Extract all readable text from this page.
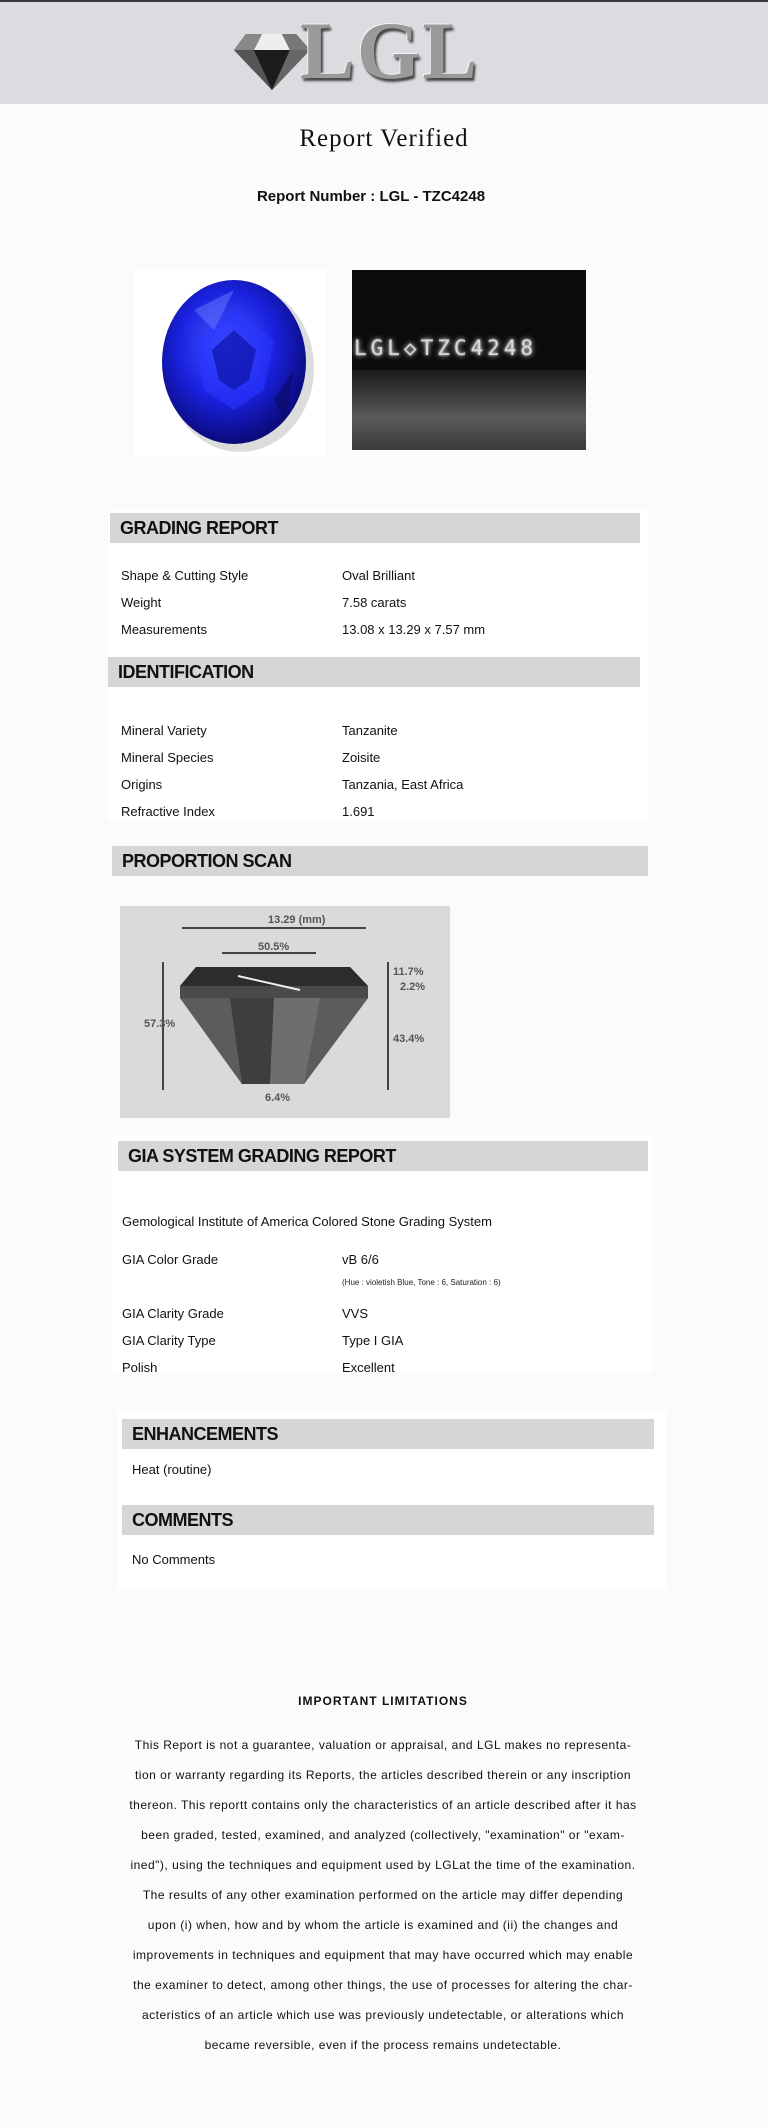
LGL
Report Verified
Report Number : LGL - TZC4248
LGL◇TZC4248
GRADING REPORT
Shape & Cutting Style	Oval Brilliant
Weight	7.58 carats
Measurements	13.08 x 13.29 x 7.57 mm
IDENTIFICATION
Mineral Variety	Tanzanite
Mineral Species	Zoisite
Origins	Tanzania, East Africa
Refractive Index	1.691
PROPORTION SCAN
13.29 (mm)
50.5%
57.3%
11.7%
2.2%
43.4%
6.4%
GIA SYSTEM GRADING REPORT
Gemological Institute of America Colored Stone Grading System
GIA Color Grade	vB 6/6
(Hue : violetish Blue, Tone : 6, Saturation : 6)
GIA Clarity Grade	VVS
GIA Clarity Type	Type I GIA
Polish	Excellent
ENHANCEMENTS
Heat (routine)
COMMENTS
No Comments
IMPORTANT LIMITATIONS
This Report is not a guarantee, valuation or appraisal, and LGL makes no representa-
tion or warranty regarding its Reports, the articles described therein or any inscription
thereon. This reportt contains only the characteristics of an article described after it has
been graded, tested, examined, and analyzed (collectively, "examination" or "exam-
ined"), using the techniques and equipment used by LGLat the time of the examination.
The results of any other examination performed on the article may differ depending
upon (i) when, how and by whom the article is examined and (ii) the changes and
improvements in techniques and equipment that may have occurred which may enable
the examiner to detect, among other things, the use of processes for altering the char-
acteristics of an article which use was previously undetectable, or alterations which
became reversible, even if the process remains undetectable.
